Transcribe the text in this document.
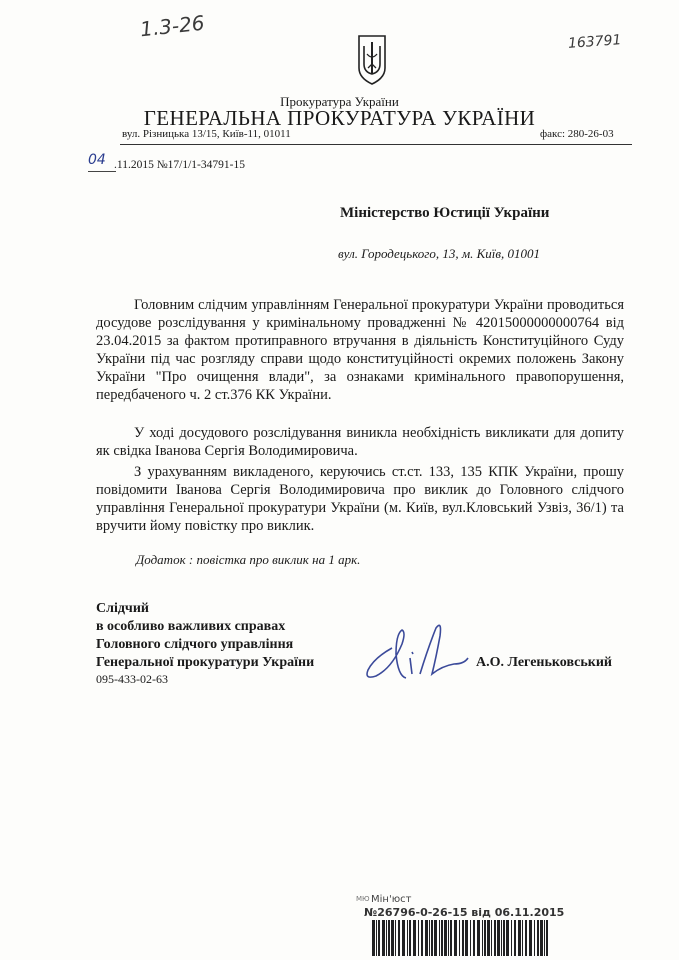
1.3-26
163791
Прокуратура України
ГЕНЕРАЛЬНА ПРОКУРАТУРА УКРАЇНИ
вул. Різницька 13/15, Київ-11, 01011	факс: 280-26-03
04 .11.2015 №17/1/1-34791-15
Міністерство Юстиції України
вул. Городецького, 13, м. Київ, 01001

Головним слідчим управлінням Генеральної прокуратури України проводиться досудове розслідування у кримінальному провадженні № 42015000000000764 від 23.04.2015 за фактом протиправного втручання в діяльність Конституційного Суду України під час розгляду справи щодо конституційності окремих положень Закону України "Про очищення влади", за ознаками кримінального правопорушення, передбаченого ч. 2 ст.376 КК України.

У ході досудового розслідування виникла необхідність викликати для допиту як свідка Іванова Сергія Володимировича.

З урахуванням викладеного, керуючись ст.ст. 133, 135 КПК України, прошу повідомити Іванова Сергія Володимировича про виклик до Головного слідчого управління Генеральної прокуратури України (м. Київ, вул.Кловський Узвіз, 36/1) та вручити йому повістку про виклик.

Додаток : повістка про виклик на 1 арк.
Слідчий
в особливо важливих справах
Головного слідчого управління
Генеральної прокуратури України
095-433-02-63
А.О. Легеньковський
МЮ Мін'юст
№26796-0-26-15 від 06.11.2015
